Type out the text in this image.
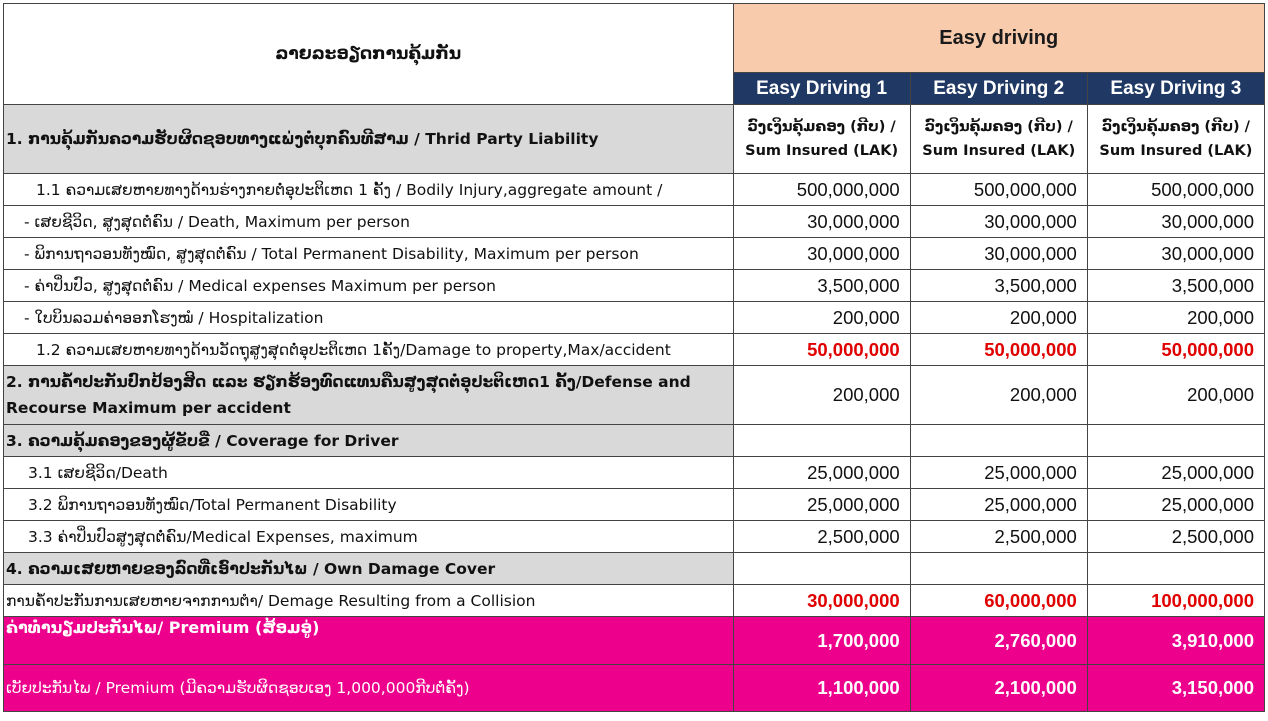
ລາຍລະອຽດການຄຸ້ມກັນ	Easy driving		
	Easy Driving 1	Easy Driving 2	Easy Driving 3
1. ການຄຸ້ມກັນຄວາມຮັບຜິດຊອບທາງແພ່ງຕໍ່ບຸກຄົນທີສາມ / Thrid Party Liability	ວົງເງິນຄຸ້ມຄອງ (ກີບ) / Sum Insured (LAK)	ວົງເງິນຄຸ້ມຄອງ (ກີບ) / Sum Insured (LAK)	ວົງເງິນຄຸ້ມຄອງ (ກີບ) / Sum Insured (LAK)
1.1 ຄວາມເສຍຫາຍທາງດ້ານຮ່າງກາຍຕໍ່ອຸປະຕິເຫດ 1 ຄັ້ງ / Bodily Injury,aggregate amount /	500,000,000	500,000,000	500,000,000
- ເສຍຊີວິດ, ສູງສຸດຕໍ່ຄົນ / Death, Maximum per person	30,000,000	30,000,000	30,000,000
- ພິການຖາວອນທັງໝົດ, ສູງສຸດຕໍ່ຄົນ / Total Permanent Disability, Maximum per person	30,000,000	30,000,000	30,000,000
- ຄ່າປິ່ນປົວ, ສູງສຸດຕໍ່ຄົນ / Medical expenses Maximum per person	3,500,000	3,500,000	3,500,000
- ໃບບິນລວມຄ່າອອກໂຮງໝໍ / Hospitalization	200,000	200,000	200,000
1.2 ຄວາມເສຍຫາຍທາງດ້ານວັດຖຸສູງສຸດຕໍ່ອຸປະຕິເຫດ 1ຄັ້ງ/Damage to property,Max/accident	50,000,000	50,000,000	50,000,000
2. ການຄໍ້າປະກັນປົກປ້ອງສິດ ແລະ ຮຽກຮ້ອງທົດແທນຄືນສູງສຸດຕໍ່ອຸປະຕິເຫດ1 ຄັ້ງ/Defense and Recourse Maximum per accident	200,000	200,000	200,000
3. ຄວາມຄຸ້ມຄອງຂອງຜູ້ຂັບຂີ່ / Coverage for Driver			
3.1 ເສຍຊີວິດ/Death	25,000,000	25,000,000	25,000,000
3.2 ພິການຖາວອນທັງໝົດ/Total Permanent Disability	25,000,000	25,000,000	25,000,000
3.3 ຄ່າປິ່ນປົວສູງສຸດຕໍ່ຄົນ/Medical Expenses, maximum	2,500,000	2,500,000	2,500,000
4. ຄວາມເສຍຫາຍຂອງລົດທີ່ເອົາປະກັນໄພ / Own Damage Cover			
ການຄໍ້າປະກັນການເສຍຫາຍຈາກການຕຳ/ Demage Resulting from a Collision	30,000,000	60,000,000	100,000,000
ຄ່າທຳນຽມປະກັນໄພ/ Premium (ສ້ອມອູ່)	1,700,000	2,760,000	3,910,000
ເບັຍປະກັນໄພ / Premium (ມີຄວາມຮັບຜິດຊອບເອງ 1,000,000ກີບຕໍ່ຄັ້ງ)	1,100,000	2,100,000	3,150,000
